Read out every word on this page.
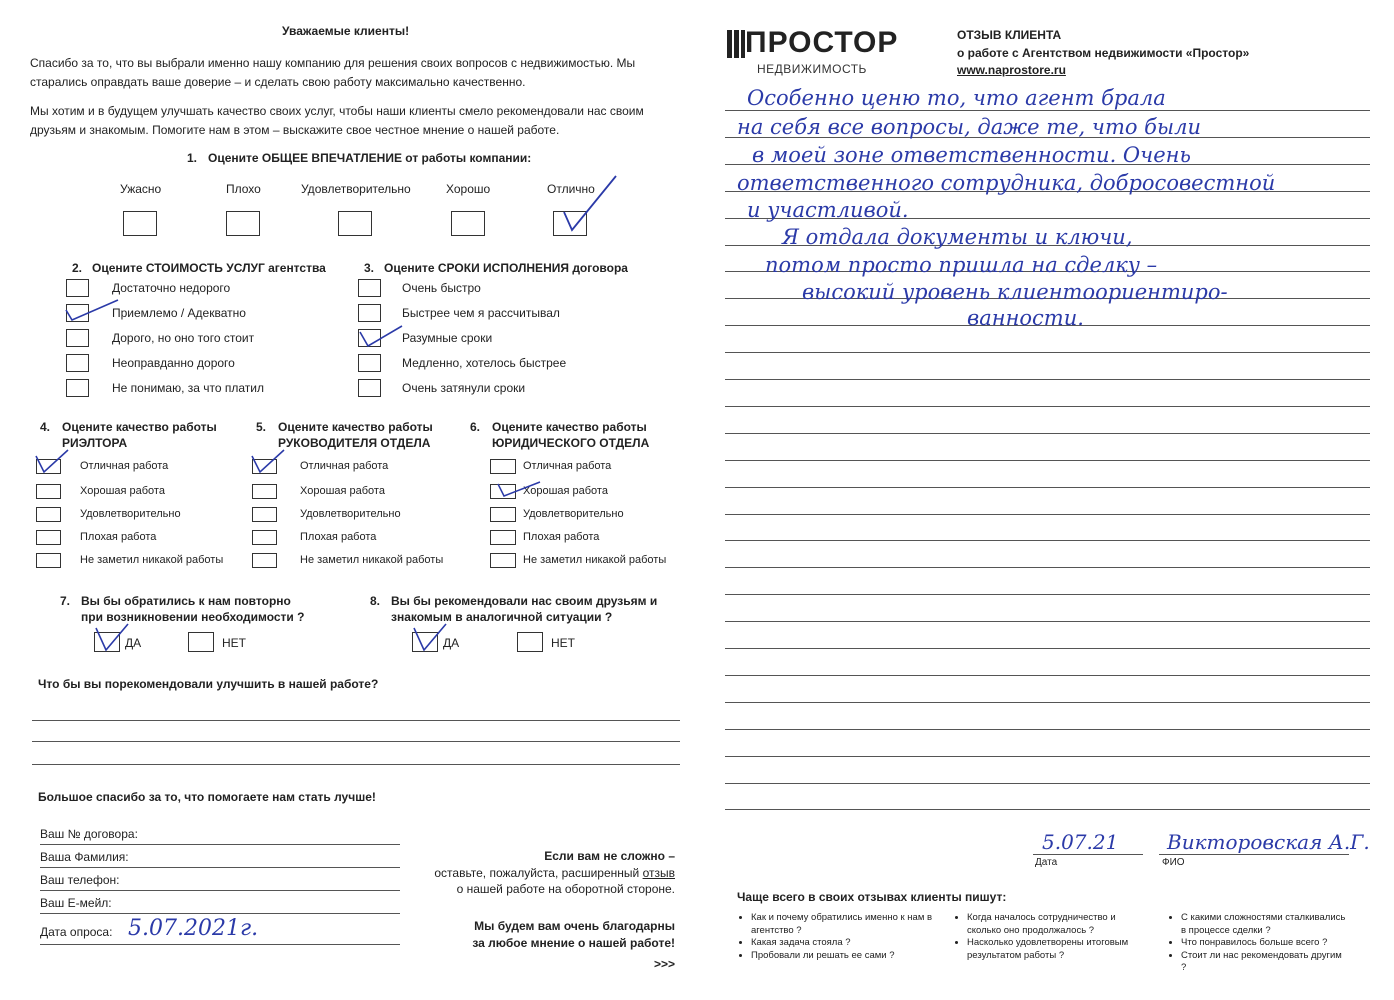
Уважаемые клиенты!
Спасибо за то, что вы выбрали именно нашу компанию для решения своих вопросов с недвижимостью. Мы старались оправдать ваше доверие – и сделать свою работу максимально качественно.
Мы хотим и в будущем улучшать качество своих услуг, чтобы наши клиенты смело рекомендовали нас своим друзьям и знакомым. Помогите нам в этом – выскажите свое честное мнение о нашей работе.
1. Оцените ОБЩЕЕ ВПЕЧАТЛЕНИЕ от работы компании:
Ужасно	Плохо	Удовлетворительно	Хорошо	Отлично
2. Оцените СТОИМОСТЬ УСЛУГ агентства
Достаточно недорого
Приемлемо / Адекватно
Дорого, но оно того стоит
Неоправданно дорого
Не понимаю, за что платил
3. Оцените СРОКИ ИСПОЛНЕНИЯ договора
Очень быстро
Быстрее чем я рассчитывал
Разумные сроки
Медленно, хотелось быстрее
Очень затянули сроки
4. Оцените качество работы
РИЭЛТОРА
Отличная работа
Хорошая работа
Удовлетворительно
Плохая работа
Не заметил никакой работы
5. Оцените качество работы
РУКОВОДИТЕЛЯ ОТДЕЛА
Отличная работа
Хорошая работа
Удовлетворительно
Плохая работа
Не заметил никакой работы
6. Оцените качество работы
ЮРИДИЧЕСКОГО ОТДЕЛА
Отличная работа
Хорошая работа
Удовлетворительно
Плохая работа
Не заметил никакой работы
7. Вы бы обратились к нам повторно
при возникновении необходимости ?
ДА	НЕТ
8. Вы бы рекомендовали нас своим друзьям и
знакомым в аналогичной ситуации ?
ДА	НЕТ
Что бы вы порекомендовали улучшить в нашей работе?
Большое спасибо за то, что помогаете нам стать лучше!
Ваш № договора:
Ваша Фамилия:
Ваш телефон:
Ваш E-мейл:
Дата опроса: 5.07.2021г.
Если вам не сложно –
оставьте, пожалуйста, расширенный отзыв
о нашей работе на оборотной стороне.
Мы будем вам очень благодарны
за любое мнение о нашей работе!
>>>
ПРОСТОР
НЕДВИЖИМОСТЬ
ОТЗЫВ КЛИЕНТА
о работе с Агентством недвижимости «Простор»
www.naprostore.ru
Особенно ценю то, что агент брала
на себя все вопросы, даже те, что были
в моей зоне ответственности. Очень
ответственного сотрудника, добросовестной
и участливой.
Я отдала документы и ключи,
потом просто пришла на сделку –
высокий уровень клиентоориентиро-
ванности.
5.07.21
Дата
Викторовская А.Г.
ФИО
Чаще всего в своих отзывах клиенты пишут:
• Как и почему обратились именно к нам в агентство ?
• Какая задача стояла ?
• Пробовали ли решать ее сами ?
• Когда началось сотрудничество и сколько оно продолжалось ?
• Насколько удовлетворены итоговым результатом работы ?
• С какими сложностями сталкивались в процессе сделки ?
• Что понравилось больше всего ?
• Стоит ли нас рекомендовать другим ?
